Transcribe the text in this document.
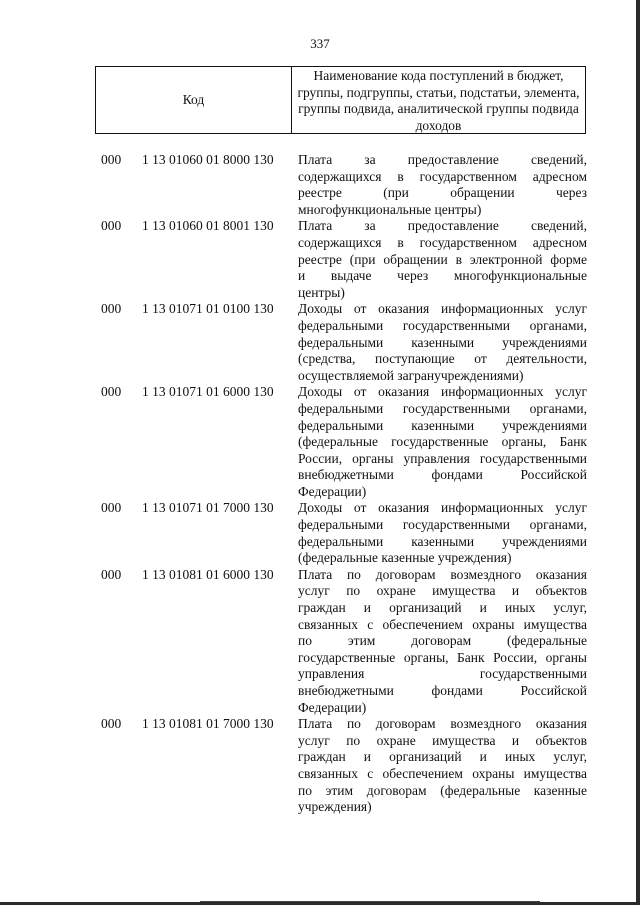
337
Код
Наименование кода поступлений в бюджет, группы, подгруппы, статьи, подстатьи, элемента, группы подвида, аналитической группы подвида доходов
000	1 13 01060 01 8000 130	Плата за предоставление сведений,
содержащихся в государственном адресном
реестре (при обращении через
многофункциональные центры)
000	1 13 01060 01 8001 130	Плата за предоставление сведений,
содержащихся в государственном адресном
реестре (при обращении в электронной форме
и выдаче через многофункциональные
центры)
000	1 13 01071 01 0100 130	Доходы от оказания информационных услуг
федеральными государственными органами,
федеральными казенными учреждениями
(средства, поступающие от деятельности,
осуществляемой загранучреждениями)
000	1 13 01071 01 6000 130	Доходы от оказания информационных услуг
федеральными государственными органами,
федеральными казенными учреждениями
(федеральные государственные органы, Банк
России, органы управления государственными
внебюджетными фондами Российской
Федерации)
000	1 13 01071 01 7000 130	Доходы от оказания информационных услуг
федеральными государственными органами,
федеральными казенными учреждениями
(федеральные казенные учреждения)
000	1 13 01081 01 6000 130	Плата по договорам возмездного оказания
услуг по охране имущества и объектов
граждан и организаций и иных услуг,
связанных с обеспечением охраны имущества
по этим договорам (федеральные
государственные органы, Банк России, органы
управления государственными
внебюджетными фондами Российской
Федерации)
000	1 13 01081 01 7000 130	Плата по договорам возмездного оказания
услуг по охране имущества и объектов
граждан и организаций и иных услуг,
связанных с обеспечением охраны имущества
по этим договорам (федеральные казенные
учреждения)
